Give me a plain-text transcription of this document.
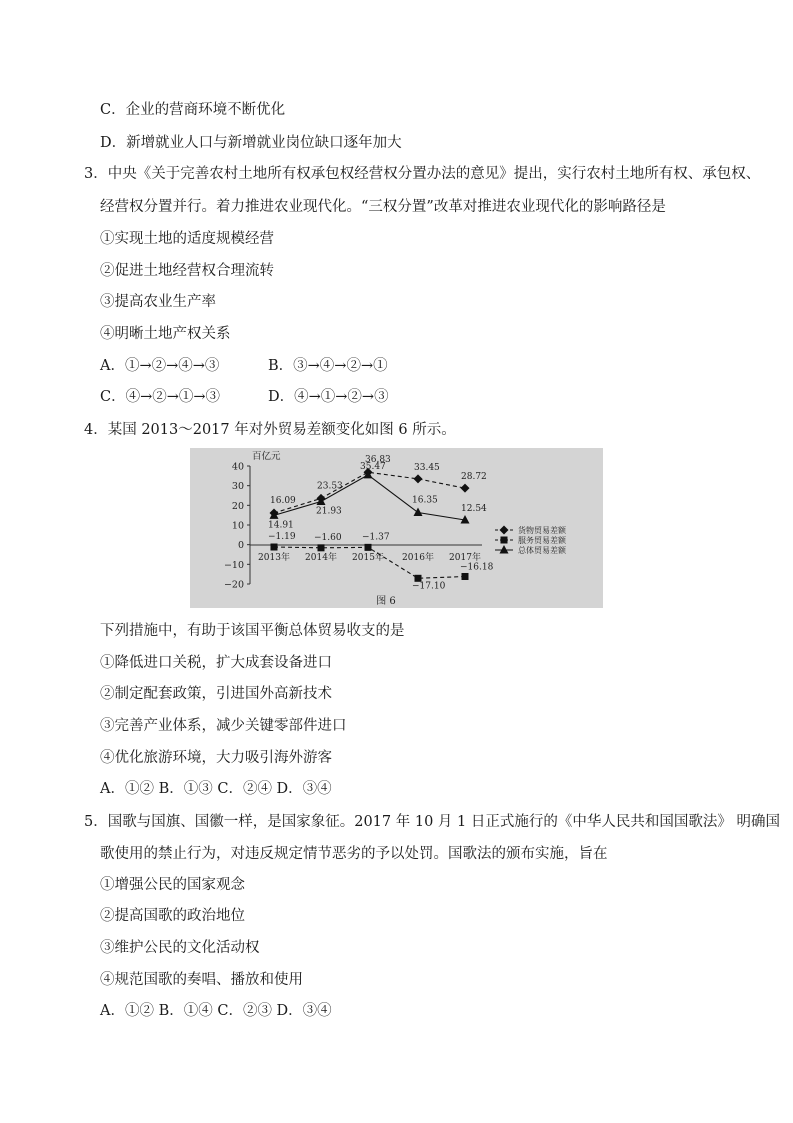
C．企业的营商环境不断优化
D．新增就业人口与新增就业岗位缺口逐年加大
3．中央《关于完善农村土地所有权承包权经营权分置办法的意见》提出，实行农村土地所有权、承包权、
经营权分置并行。着力推进农业现代化。“三权分置”改革对推进农业现代化的影响路径是
①实现土地的适度规模经营
②促进土地经营权合理流转
③提高农业生产率
④明晰土地产权关系
A．①→②→④→③	B．③→④→②→①
C．④→②→①→③	D．④→①→②→③
4．某国 2013～2017 年对外贸易差额变化如图 6 所示。
百亿元
40
30
20
10
0
−10
−20
2013年 2014年 2015年 2016年 2017年
16.09
23.53
36.83
33.45
28.72
−1.19 −1.60 −1.37
−17.10
−16.18
14.91
21.93
35.47
16.35
12.54
货物贸易差额
服务贸易差额
总体贸易差额
图 6
下列措施中，有助于该国平衡总体贸易收支的是
①降低进口关税，扩大成套设备进口
②制定配套政策，引进国外高新技术
③完善产业体系，减少关键零部件进口
④优化旅游环境，大力吸引海外游客
A．①② B．①③ C．②④ D．③④
5．国歌与国旗、国徽一样，是国家象征。2017 年 10 月 1 日正式施行的《中华人民共和国国歌法》 明确国
歌使用的禁止行为，对违反规定情节恶劣的予以处罚。国歌法的颁布实施，旨在
①增强公民的国家观念
②提高国歌的政治地位
③维护公民的文化活动权
④规范国歌的奏唱、播放和使用
A．①② B．①④ C．②③ D．③④
